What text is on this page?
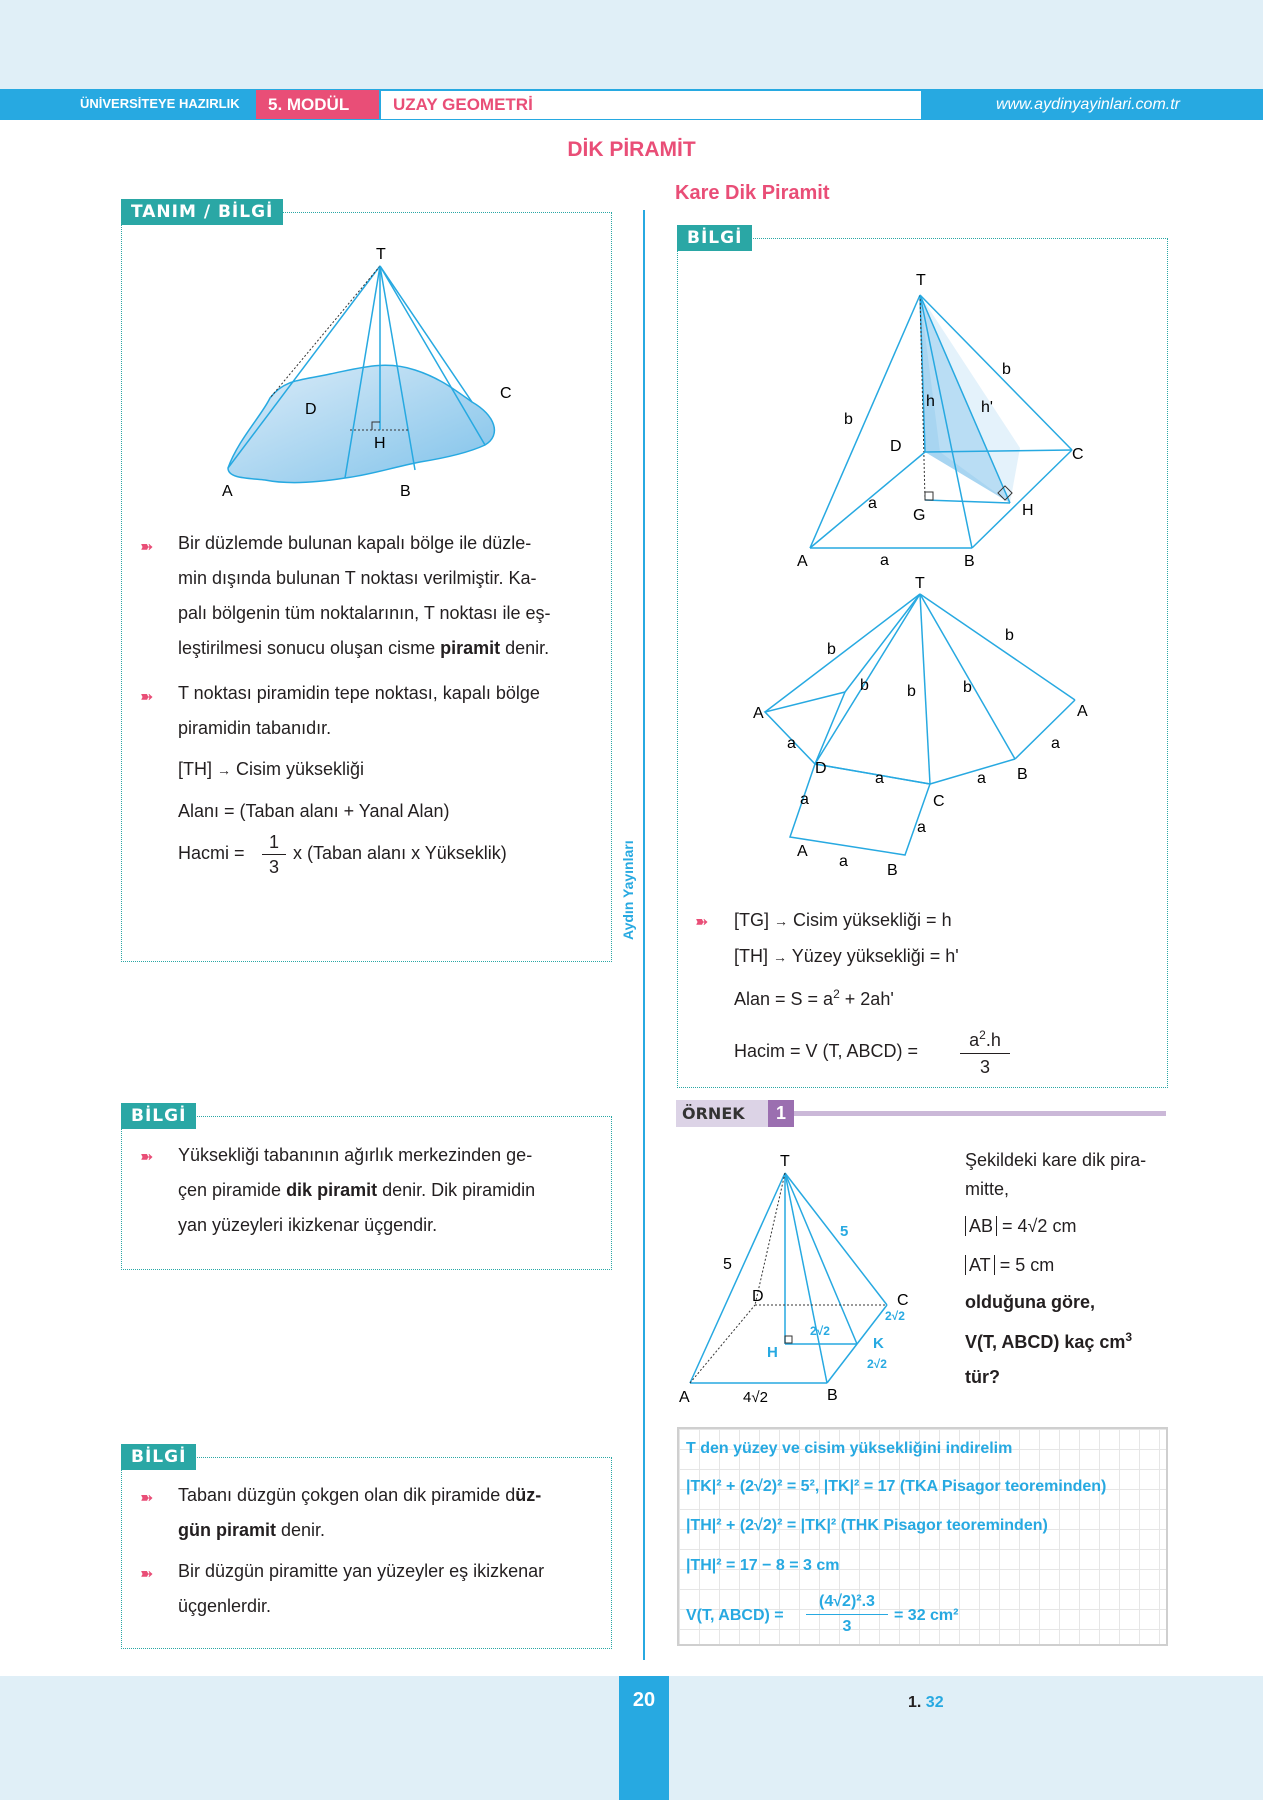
ÜNİVERSİTEYE HAZIRLIK	5. MODÜL	UZAY GEOMETRİ	www.aydinyayinlari.com.tr
DİK PİRAMİT
TANIM / BİLGİ
T
D
C
H
A	B
➽ Bir düzlemde bulunan kapalı bölge ile düzle-
min dışında bulunan T noktası verilmiştir. Ka-
palı bölgenin tüm noktalarının, T noktası ile eş-
leştirilmesi sonucu oluşan cisme piramit denir.
➽ T noktası piramidin tepe noktası, kapalı bölge
piramidin tabanıdır.
[TH] → Cisim yüksekliği
Alanı = (Taban alanı + Yanal Alan)
Hacmi =
1
3
x (Taban alanı x Yükseklik)
BİLGİ
➽ Yüksekliği tabanının ağırlık merkezinden ge-
çen piramide dik piramit denir. Dik piramidin
yan yüzeyleri ikizkenar üçgendir.
BİLGİ
➽ Tabanı düzgün çokgen olan dik piramide düz-
gün piramit denir.
➽ Bir düzgün piramitte yan yüzeyler eş ikizkenar
üçgenlerdir.
Aydın Yayınları
Kare Dik Piramit
BİLGİ
T
b
b
h	h'
D	C
a
G	H
A	a	B
T
b
b
b b	b
A	A
a	a
D
a	a B
C
a
a
A
a
B
➽ [TG] → Cisim yüksekliği = h
[TH] → Yüzey yüksekliği = h'
Alan = $S = a^2 + 2ah'$
Hacim = V (T, ABCD) =
$a^2.h$
3
ÖRNEK	1
T
5
5
D	C
2√2
2√2
K
2√2
H
A	4√2	B
Şekildeki kare dik pira-
mitte,
AB = 4√2 cm
AT = 5 cm
olduğuna göre,
V(T, ABCD) kaç $cm^3$
tür?
T den yüzey ve cisim yüksekliğini indirelim
|TK|² + (2√2)² = 5², |TK|² = 17 (TKA Pisagor teoreminden)
|TH|² + (2√2)² = |TK|² (THK Pisagor teoreminden)
|TH|² = 17 − 8 = 3 cm
V(T, ABCD) =
(4√2)².3
3
= 32 cm²
20	1. 32
